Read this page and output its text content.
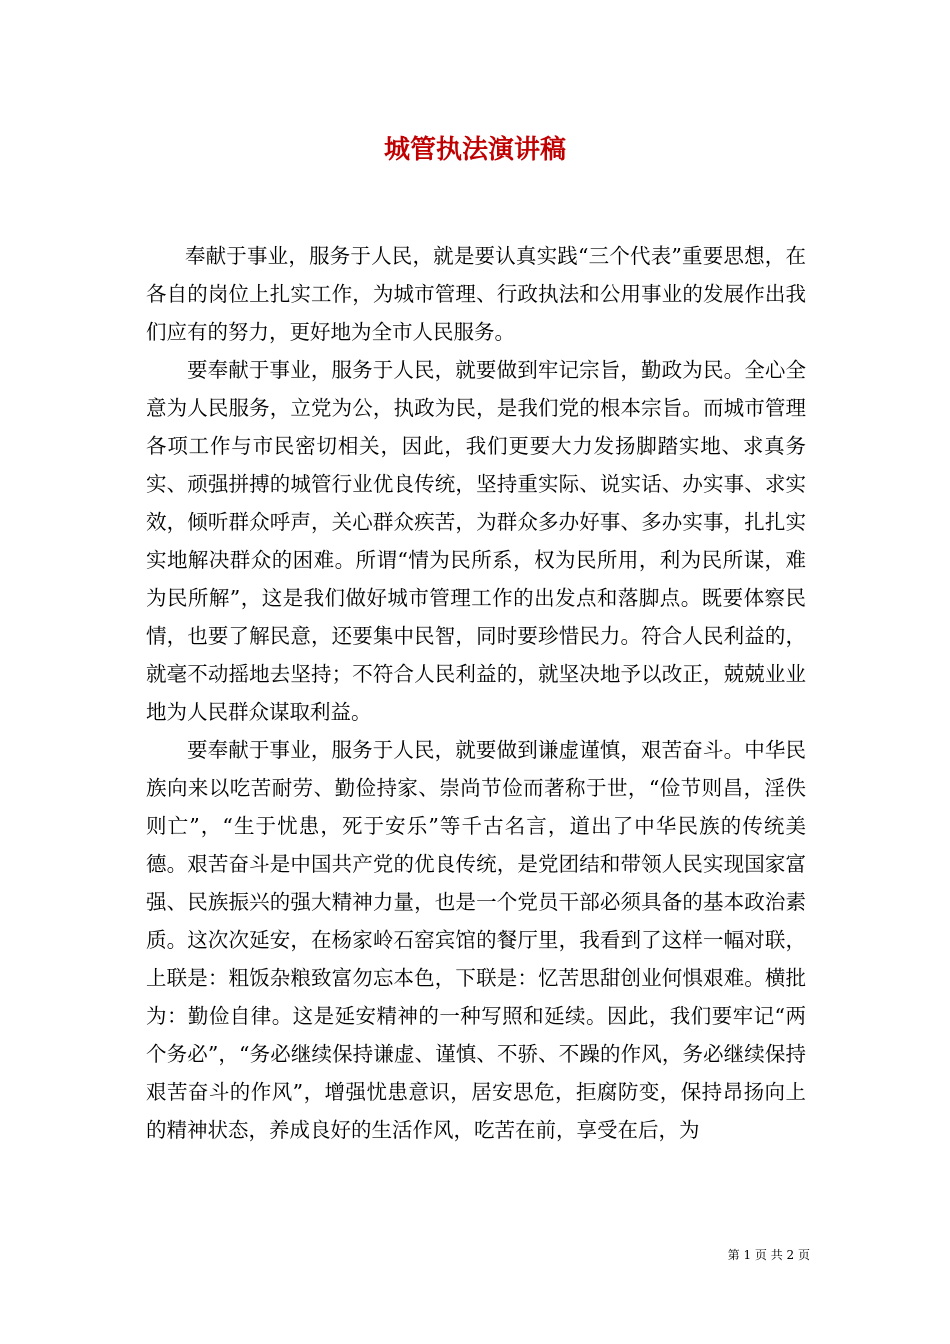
城管执法演讲稿

奉献于事业，服务于人民，就是要认真实践“三个代表”重要思想，在各自的岗位上扎实工作，为城市管理、行政执法和公用事业的发展作出我们应有的努力，更好地为全市人民服务。

要奉献于事业，服务于人民，就要做到牢记宗旨，勤政为民。全心全意为人民服务，立党为公，执政为民，是我们党的根本宗旨。而城市管理各项工作与市民密切相关，因此，我们更要大力发扬脚踏实地、求真务实、顽强拼搏的城管行业优良传统，坚持重实际、说实话、办实事、求实效，倾听群众呼声，关心群众疾苦，为群众多办好事、多办实事，扎扎实实地解决群众的困难。所谓“情为民所系，权为民所用，利为民所谋，难为民所解”，这是我们做好城市管理工作的出发点和落脚点。既要体察民情，也要了解民意，还要集中民智，同时要珍惜民力。符合人民利益的，就毫不动摇地去坚持；不符合人民利益的，就坚决地予以改正，兢兢业业地为人民群众谋取利益。

要奉献于事业，服务于人民，就要做到谦虚谨慎，艰苦奋斗。中华民族向来以吃苦耐劳、勤俭持家、崇尚节俭而著称于世，“俭节则昌，淫佚则亡”，“生于忧患，死于安乐”等千古名言，道出了中华民族的传统美德。艰苦奋斗是中国共产党的优良传统，是党团结和带领人民实现国家富强、民族振兴的强大精神力量，也是一个党员干部必须具备的基本政治素质。这次次延安，在杨家岭石窑宾馆的餐厅里，我看到了这样一幅对联，上联是：粗饭杂粮致富勿忘本色，下联是：忆苦思甜创业何惧艰难。横批为：勤俭自律。这是延安精神的一种写照和延续。因此，我们要牢记“两个务必”，“务必继续保持谦虚、谨慎、不骄、不躁的作风，务必继续保持艰苦奋斗的作风”，增强忧患意识，居安思危，拒腐防变，保持昂扬向上的精神状态，养成良好的生活作风，吃苦在前，享受在后，为

第 1 页 共 2 页
